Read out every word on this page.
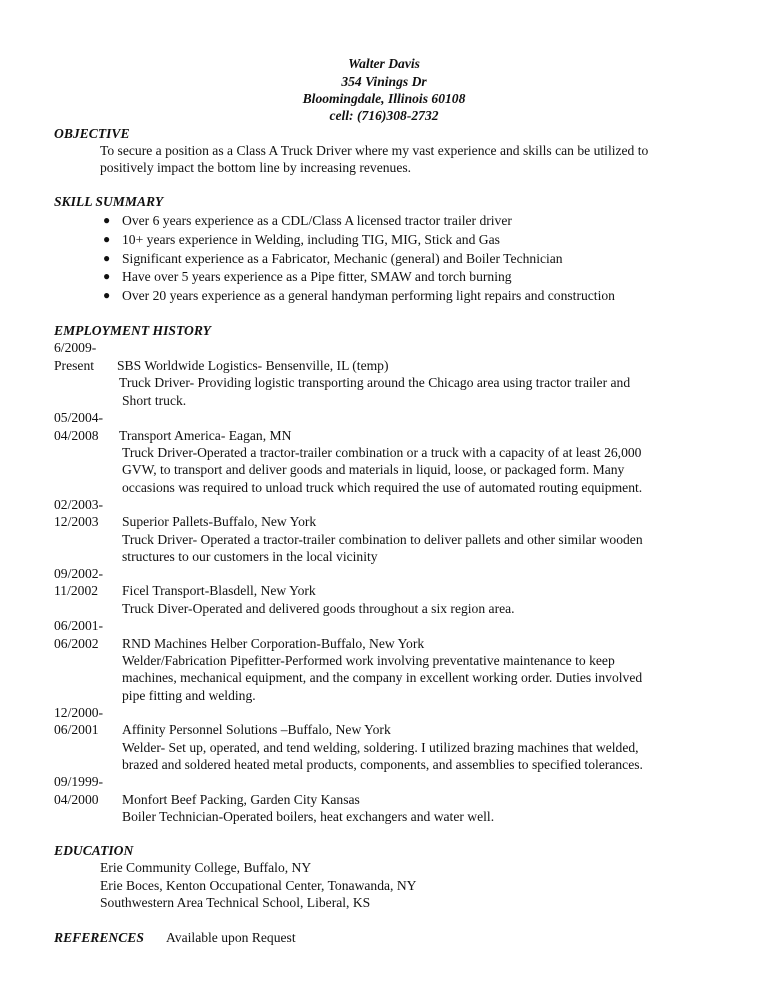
Walter Davis
354 Vinings Dr
Bloomingdale, Illinois 60108
cell: (716)308-2732
OBJECTIVE
To secure a position as a Class A Truck Driver where my vast experience and skills can be utilized to
positively impact the bottom line by increasing revenues.
SKILL SUMMARY
● Over 6 years experience as a CDL/Class A licensed tractor trailer driver
● 10+ years experience in Welding, including TIG, MIG, Stick and Gas
● Significant experience as a Fabricator, Mechanic (general) and Boiler Technician
● Have over 5 years experience as a Pipe fitter, SMAW and torch burning
● Over 20 years experience as a general handyman performing light repairs and construction
EMPLOYMENT HISTORY
6/2009-
Present SBS Worldwide Logistics- Bensenville, IL (temp)
Truck Driver- Providing logistic transporting around the Chicago area using tractor trailer and
Short truck.
05/2004-
04/2008 Transport America- Eagan, MN
Truck Driver-Operated a tractor-trailer combination or a truck with a capacity of at least 26,000
GVW, to transport and deliver goods and materials in liquid, loose, or packaged form. Many
occasions was required to unload truck which required the use of automated routing equipment.
02/2003-
12/2003 Superior Pallets-Buffalo, New York
Truck Driver- Operated a tractor-trailer combination to deliver pallets and other similar wooden
structures to our customers in the local vicinity
09/2002-
11/2002 Ficel Transport-Blasdell, New York
Truck Diver-Operated and delivered goods throughout a six region area.
06/2001-
06/2002 RND Machines Helber Corporation-Buffalo, New York
Welder/Fabrication Pipefitter-Performed work involving preventative maintenance to keep
machines, mechanical equipment, and the company in excellent working order. Duties involved
pipe fitting and welding.
12/2000-
06/2001 Affinity Personnel Solutions –Buffalo, New York
Welder- Set up, operated, and tend welding, soldering. I utilized brazing machines that welded,
brazed and soldered heated metal products, components, and assemblies to specified tolerances.
09/1999-
04/2000 Monfort Beef Packing, Garden City Kansas
Boiler Technician-Operated boilers, heat exchangers and water well.
EDUCATION
Erie Community College, Buffalo, NY
Erie Boces, Kenton Occupational Center, Tonawanda, NY
Southwestern Area Technical School, Liberal, KS
REFERENCES Available upon Request
